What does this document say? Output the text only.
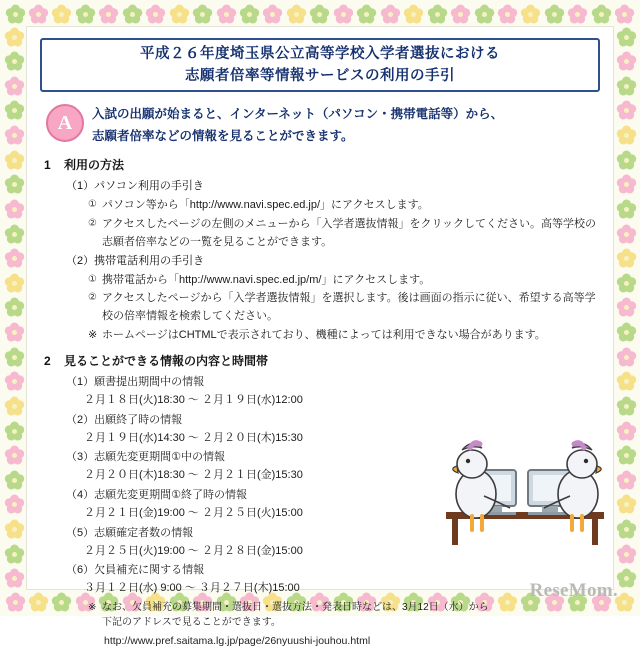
平成２６年度埼玉県公立高等学校入学者選抜における
志願者倍率等情報サービスの利用の手引
A	入試の出願が始まると、インターネット（パソコン・携帯電話等）から、
志願者倍率などの情報を見ることができます。
1	利用の方法
（1）パソコン利用の手引き
① パソコン等から「http://www.navi.spec.ed.jp/」にアクセスします。
② アクセスしたページの左側のメニューから「入学者選抜情報」をクリックしてください。高等学校の志願者倍率などの一覧を見ることができます。
（2）携帯電話利用の手引き
① 携帯電話から「http://www.navi.spec.ed.jp/m/」にアクセスします。
② アクセスしたページから「入学者選抜情報」を選択します。後は画面の指示に従い、希望する高等学校の倍率情報を検索してください。
※ ホームページはCHTMLで表示されており、機種によっては利用できない場合があります。
2	見ることができる情報の内容と時間帯
（1）願書提出期間中の情報
２月１８日(火)18:30 ～ ２月１９日(水)12:00
（2）出願終了時の情報
２月１９日(水)14:30 ～ ２月２０日(木)15:30
（3）志願先変更期間①中の情報
２月２０日(木)18:30 ～ ２月２１日(金)15:30
（4）志願先変更期間①終了時の情報
２月２１日(金)19:00 ～ ２月２５日(火)15:00
（5）志願確定者数の情報
２月２５日(火)19:00 ～ ２月２８日(金)15:00
（6）欠員補充に関する情報
３月１２日(水) 9:00 ～ ３月２７日(木)15:00
※ なお、欠員補充の募集期間・選抜日・選抜方法・発表日時などは、3月12日（水）から
下記のアドレスで見ることができます。
http://www.pref.saitama.lg.jp/page/26nyuushi-jouhou.html
ReseMom.
